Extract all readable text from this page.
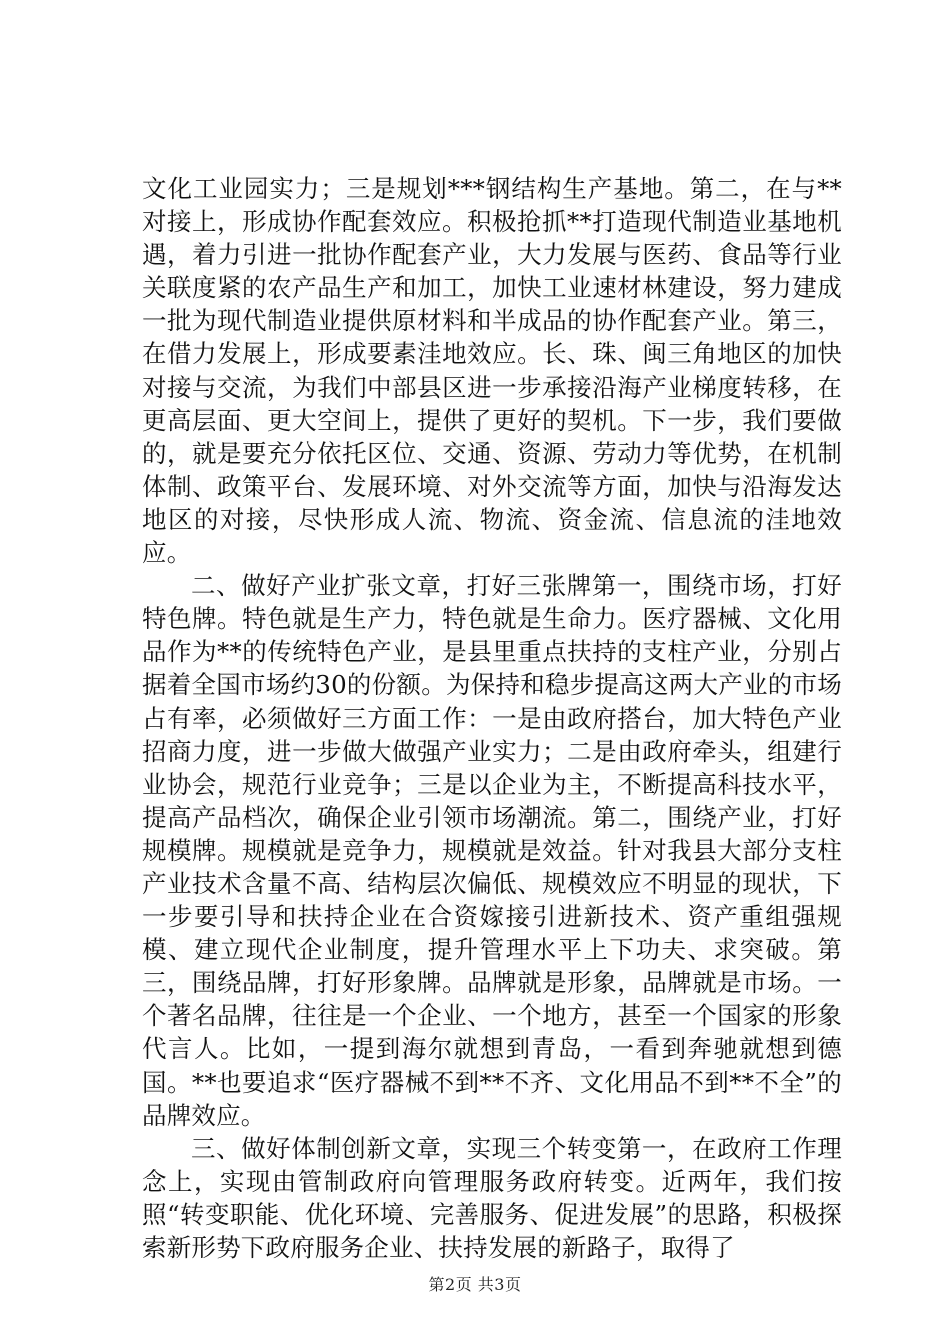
文化工业园实力；三是规划***钢结构生产基地。第二，在与**对接上，形成协作配套效应。积极抢抓**打造现代制造业基地机遇，着力引进一批协作配套产业，大力发展与医药、食品等行业关联度紧的农产品生产和加工，加快工业速材林建设，努力建成一批为现代制造业提供原材料和半成品的协作配套产业。第三，在借力发展上，形成要素洼地效应。长、珠、闽三角地区的加快对接与交流，为我们中部县区进一步承接沿海产业梯度转移，在更高层面、更大空间上，提供了更好的契机。下一步，我们要做的，就是要充分依托区位、交通、资源、劳动力等优势，在机制体制、政策平台、发展环境、对外交流等方面，加快与沿海发达地区的对接，尽快形成人流、物流、资金流、信息流的洼地效应。

二、做好产业扩张文章，打好三张牌第一，围绕市场，打好特色牌。特色就是生产力，特色就是生命力。医疗器械、文化用品作为**的传统特色产业，是县里重点扶持的支柱产业，分别占据着全国市场约30的份额。为保持和稳步提高这两大产业的市场占有率，必须做好三方面工作：一是由政府搭台，加大特色产业招商力度，进一步做大做强产业实力；二是由政府牵头，组建行业协会，规范行业竞争；三是以企业为主，不断提高科技水平，提高产品档次，确保企业引领市场潮流。第二，围绕产业，打好规模牌。规模就是竞争力，规模就是效益。针对我县大部分支柱产业技术含量不高、结构层次偏低、规模效应不明显的现状，下一步要引导和扶持企业在合资嫁接引进新技术、资产重组强规模、建立现代企业制度，提升管理水平上下功夫、求突破。第三，围绕品牌，打好形象牌。品牌就是形象，品牌就是市场。一个著名品牌，往往是一个企业、一个地方，甚至一个国家的形象代言人。比如，一提到海尔就想到青岛，一看到奔驰就想到德国。**也要追求“医疗器械不到**不齐、文化用品不到**不全”的品牌效应。

三、做好体制创新文章，实现三个转变第一，在政府工作理念上，实现由管制政府向管理服务政府转变。近两年，我们按照“转变职能、优化环境、完善服务、促进发展”的思路，积极探索新形势下政府服务企业、扶持发展的新路子，取得了

第2页 共3页
